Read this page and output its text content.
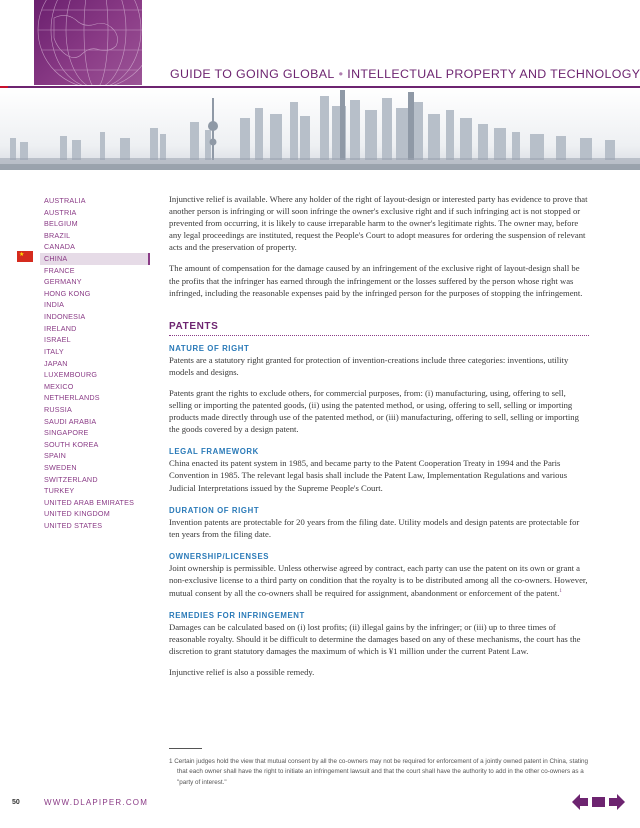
GUIDE TO GOING GLOBAL • INTELLECTUAL PROPERTY AND TECHNOLOGY
★
AUSTRALIA
AUSTRIA
BELGIUM
BRAZIL
CANADA
CHINA
FRANCE
GERMANY
HONG KONG
INDIA
INDONESIA
IRELAND
ISRAEL
ITALY
JAPAN
LUXEMBOURG
MEXICO
NETHERLANDS
RUSSIA
SAUDI ARABIA
SINGAPORE
SOUTH KOREA
SPAIN
SWEDEN
SWITZERLAND
TURKEY
UNITED ARAB EMIRATES
UNITED KINGDOM
UNITED STATES

Injunctive relief is available. Where any holder of the right of layout-design or interested party has evidence to prove that another person is infringing or will soon infringe the owner's exclusive right and if such infringing act is not stopped or prevented from occurring, it is likely to cause irreparable harm to the owner's legitimate rights. The owner may, before any legal proceedings are instituted, request the People's Court to adopt measures for ordering the suspension of relevant acts and the preservation of property.

The amount of compensation for the damage caused by an infringement of the exclusive right of layout-design shall be the profits that the infringer has earned through the infringement or the losses suffered by the person whose right was infringed, including the reasonable expenses paid by the infringed person for the purposes of stopping the infringement.

PATENTS
NATURE OF RIGHT

Patents are a statutory right granted for protection of invention-creations include three categories: inventions, utility models and designs.

Patents grant the rights to exclude others, for commercial purposes, from: (i) manufacturing, using, offering to sell, selling or importing the patented goods, (ii) using the patented method, or using, offering to sell, selling or importing products made directly through use of the patented method, or (iii) manufacturing, offering to sell, selling or importing the goods covered by a design patent.

LEGAL FRAMEWORK

China enacted its patent system in 1985, and became party to the Patent Cooperation Treaty in 1994 and the Paris Convention in 1985. The relevant legal basis shall include the Patent Law, Implementation Regulations and various Judicial Interpretations issued by the Supreme People's Court.

DURATION OF RIGHT

Invention patents are protectable for 20 years from the filing date. Utility models and design patents are protectable for ten years from the filing date.

OWNERSHIP/LICENSES

Joint ownership is permissible. Unless otherwise agreed by contract, each party can use the patent on its own or grant a non-exclusive license to a third party on condition that the royalty is to be distributed among all the co-owners. However, mutual consent by all the co-owners shall be required for assignment, abandonment or enforcement of the patent.$^1$

REMEDIES FOR INFRINGEMENT

Damages can be calculated based on (i) lost profits; (ii) illegal gains by the infringer; or (iii) up to three times of reasonable royalty. Should it be difficult to determine the damages based on any of these mechanisms, the court has the discretion to grant statutory damages the maximum of which is ¥1 million under the current Patent Law.

Injunctive relief is also a possible remedy.

1 Certain judges hold the view that mutual consent by all the co-owners may not be required for enforcement of a jointly owned patent in China, stating that each owner shall have the right to initiate an infringement lawsuit and that the court shall have the authority to add in the other co-owners as a "party of interest."
50	WWW.DLAPIPER.COM
